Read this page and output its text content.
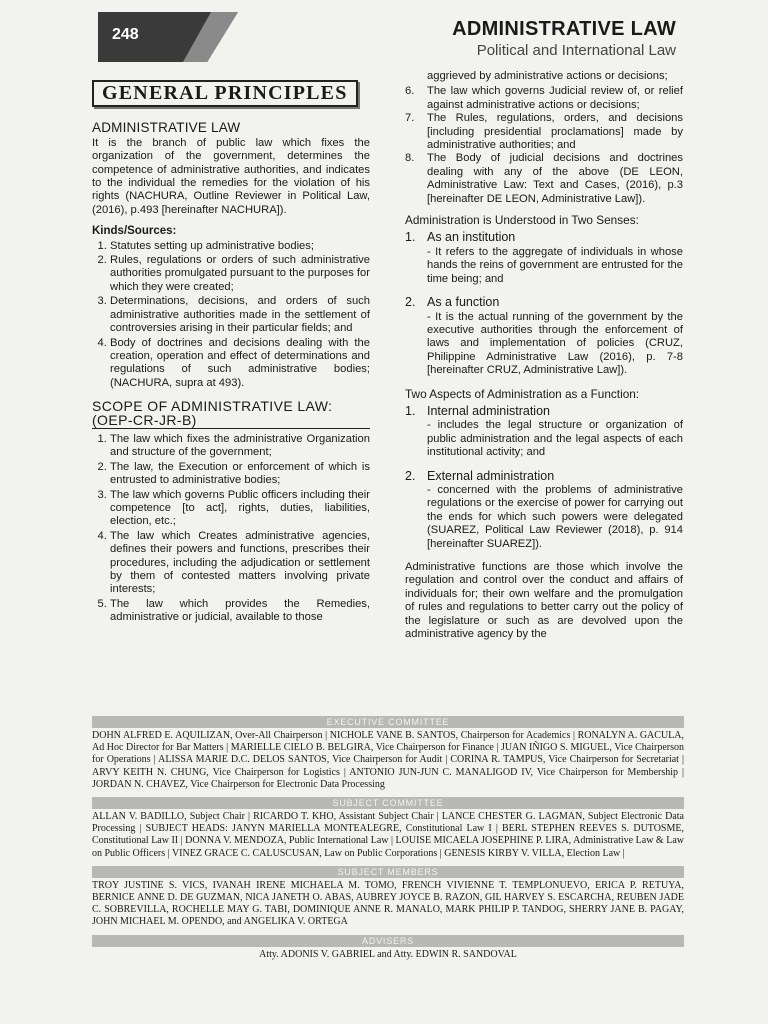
248	ADMINISTRATIVE LAW
Political and International Law
GENERAL PRINCIPLES
ADMINISTRATIVE LAW

It is the branch of public law which fixes the organization of the government, determines the competence of administrative authorities, and indicates to the individual the remedies for the violation of his rights (NACHURA, Outline Reviewer in Political Law, (2016), p.493 [hereinafter NACHURA]).

Kinds/Sources:
1. Statutes setting up administrative bodies;
2. Rules, regulations or orders of such administrative authorities promulgated pursuant to the purposes for which they were created;
3. Determinations, decisions, and orders of such administrative authorities made in the settlement of controversies arising in their particular fields; and
4. Body of doctrines and decisions dealing with the creation, operation and effect of determinations and regulations of such administrative bodies; (NACHURA, supra at 493).
SCOPE OF ADMINISTRATIVE LAW: (OEP-CR-JR-B)
1. The law which fixes the administrative Organization and structure of the government;
2. The law, the Execution or enforcement of which is entrusted to administrative bodies;
3. The law which governs Public officers including their competence [to act], rights, duties, liabilities, election, etc.;
4. The law which Creates administrative agencies, defines their powers and functions, prescribes their procedures, including the adjudication or settlement by them of contested matters involving private interests;
5. The law which provides the Remedies, administrative or judicial, available to those
aggrieved by administrative actions or decisions;
6.	The law which governs Judicial review of, or relief against administrative actions or decisions;
7.	The Rules, regulations, orders, and decisions [including presidential proclamations] made by administrative authorities; and
8.	The Body of judicial decisions and doctrines dealing with any of the above (DE LEON, Administrative Law: Text and Cases, (2016), p.3 [hereinafter DE LEON, Administrative Law]).
Administration is Understood in Two Senses:
1. As an institution
- It refers to the aggregate of individuals in whose hands the reins of government are entrusted for the time being; and
2. As a function
- It is the actual running of the government by the executive authorities through the enforcement of laws and implementation of policies (CRUZ, Philippine Administrative Law (2016), p. 7-8 [hereinafter CRUZ, Administrative Law]).
Two Aspects of Administration as a Function:
1. Internal administration
- includes the legal structure or organization of public administration and the legal aspects of each institutional activity; and
2. External administration
- concerned with the problems of administrative regulations or the exercise of power for carrying out the ends for which such powers were delegated (SUAREZ, Political Law Reviewer (2018), p. 914 [hereinafter SUAREZ]).

Administrative functions are those which involve the regulation and control over the conduct and affairs of individuals for; their own welfare and the promulgation of rules and regulations to better carry out the policy of the legislature or such as are devolved upon the administrative agency by the

EXECUTIVE COMMITTEE
DOHN ALFRED E. AQUILIZAN, Over-All Chairperson | NICHOLE VANE B. SANTOS, Chairperson for Academics | RONALYN A. GACULA, Ad Hoc Director for Bar Matters | MARIELLE CIELO B. BELGIRA, Vice Chairperson for Finance | JUAN IÑIGO S. MIGUEL, Vice Chairperson for Operations | ALISSA MARIE D.C. DELOS SANTOS, Vice Chairperson for Audit | CORINA R. TAMPUS, Vice Chairperson for Secretariat | ARVY KEITH N. CHUNG, Vice Chairperson for Logistics | ANTONIO JUN-JUN C. MANALIGOD IV, Vice Chairperson for Membership | JORDAN N. CHAVEZ, Vice Chairperson for Electronic Data Processing
SUBJECT COMMITTEE
ALLAN V. BADILLO, Subject Chair | RICARDO T. KHO, Assistant Subject Chair | LANCE CHESTER G. LAGMAN, Subject Electronic Data Processing | SUBJECT HEADS: JANYN MARIELLA MONTEALEGRE, Constitutional Law I | BERL STEPHEN REEVES S. DUTOSME, Constitutional Law II | DONNA V. MENDOZA, Public International Law | LOUISE MICAELA JOSEPHINE P. LIRA, Administrative Law & Law on Public Officers | VINEZ GRACE C. CALUSCUSAN, Law on Public Corporations | GENESIS KIRBY V. VILLA, Election Law |
SUBJECT MEMBERS
TROY JUSTINE S. VICS, IVANAH IRENE MICHAELA M. TOMO, FRENCH VIVIENNE T. TEMPLONUEVO, ERICA P. RETUYA, BERNICE ANNE D. DE GUZMAN, NICA JANETH O. ABAS, AUBREY JOYCE B. RAZON, GIL HARVEY S. ESCARCHA, REUBEN JADE C. SOBREVILLA, ROCHELLE MAY G. TABI, DOMINIQUE ANNE R. MANALO, MARK PHILIP P. TANDOG, SHERRY JANE B. PAGAY, JOHN MICHAEL M. OPENDO, and ANGELIKA V. ORTEGA
ADVISERS
Atty. ADONIS V. GABRIEL and Atty. EDWIN R. SANDOVAL
